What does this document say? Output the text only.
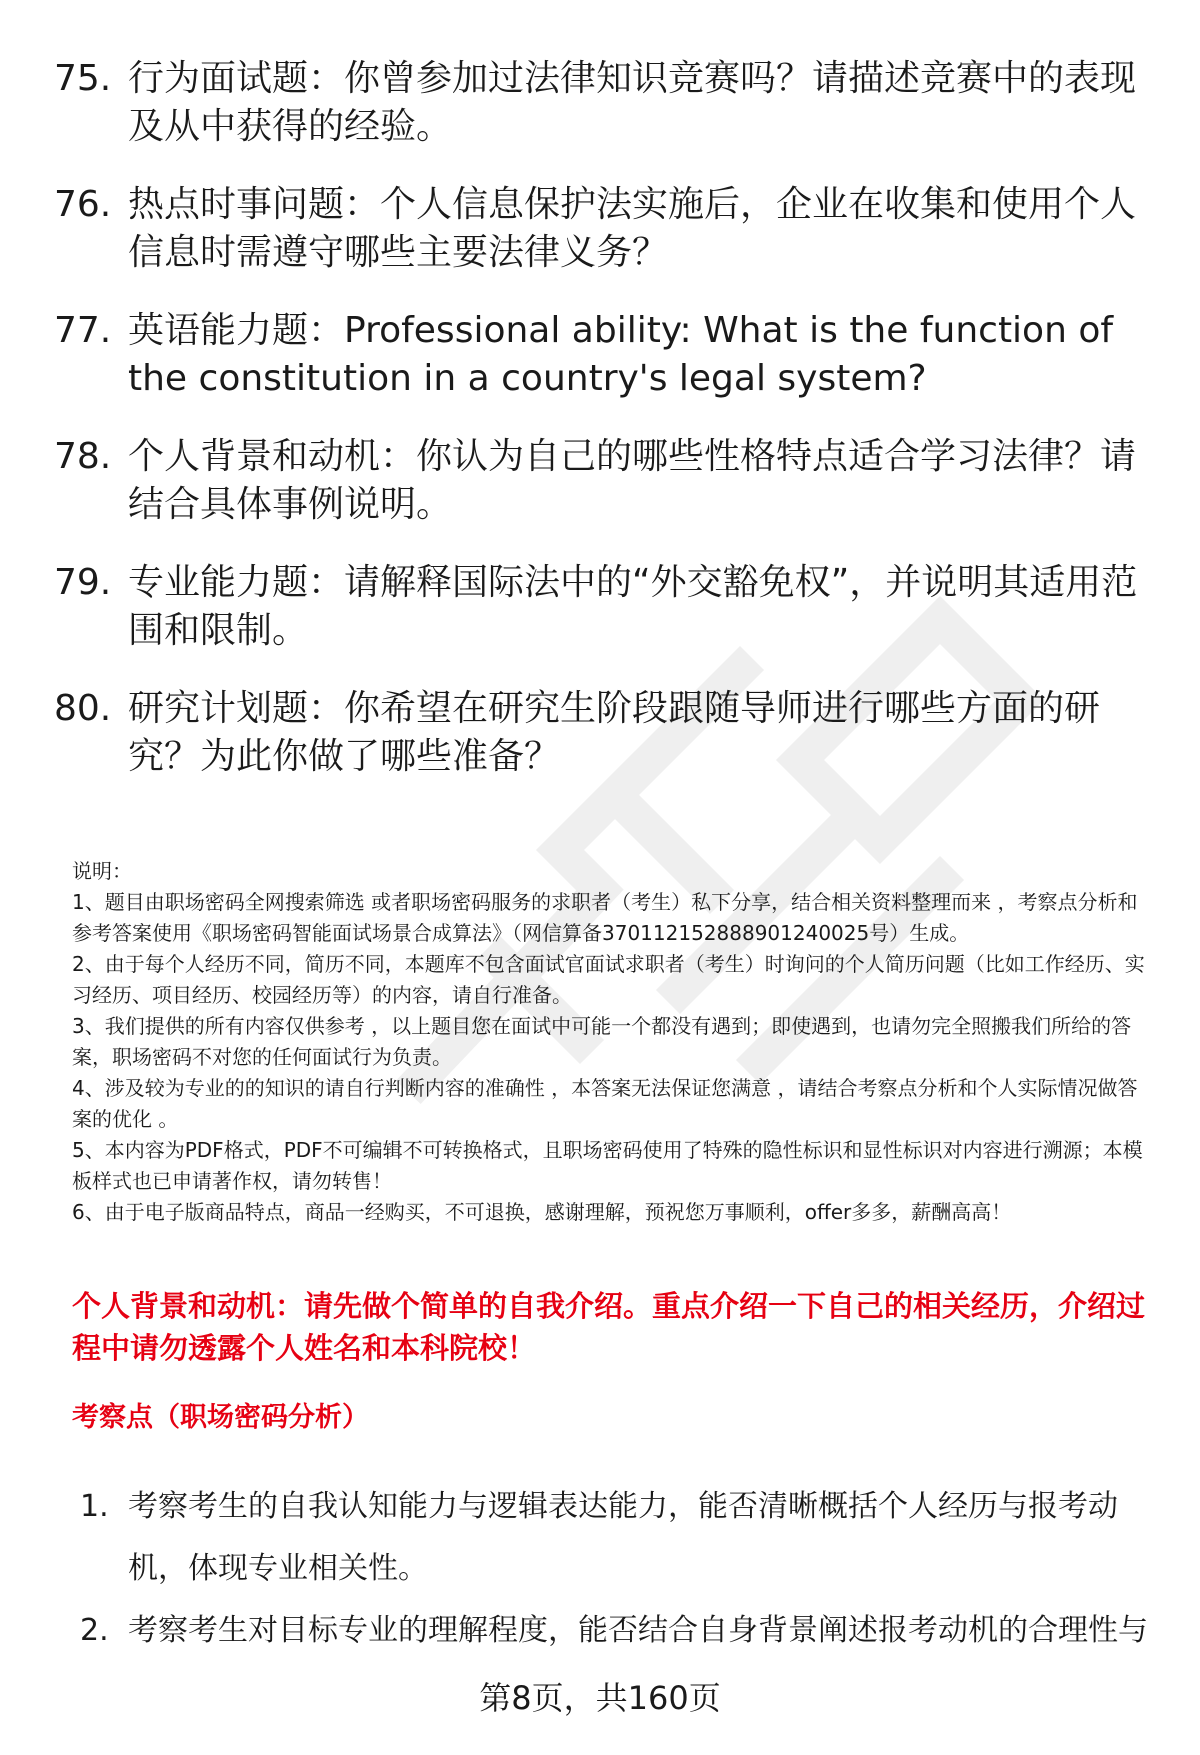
75. 行为面试题：你曾参加过法律知识竞赛吗？请描述竞赛中的表现及从中获得的经验。
76. 热点时事问题：个人信息保护法实施后，企业在收集和使用个人信息时需遵守哪些主要法律义务？
77. 英语能力题：Professional ability: What is the function of the constitution in a country's legal system?
78. 个人背景和动机：你认为自己的哪些性格特点适合学习法律？请结合具体事例说明。
79. 专业能力题：请解释国际法中的“外交豁免权”，并说明其适用范围和限制。
80. 研究计划题：你希望在研究生阶段跟随导师进行哪些方面的研究？为此你做了哪些准备？

说明：

1、题目由职场密码全网搜索筛选 或者职场密码服务的求职者（考生）私下分享，结合相关资料整理而来 ，考察点分析和参考答案使用《职场密码智能面试场景合成算法》（网信算备370112152888901240025号）生成。

2、由于每个人经历不同，简历不同，本题库不包含面试官面试求职者（考生）时询问的个人简历问题（比如工作经历、实习经历、项目经历、校园经历等）的内容，请自行准备。

3、我们提供的所有内容仅供参考 ，以上题目您在面试中可能一个都没有遇到；即使遇到，也请勿完全照搬我们所给的答案，职场密码不对您的任何面试行为负责。

4、涉及较为专业的的知识的请自行判断内容的准确性 ，本答案无法保证您满意 ，请结合考察点分析和个人实际情况做答案的优化 。

5、本内容为PDF格式，PDF不可编辑不可转换格式，且职场密码使用了特殊的隐性标识和显性标识对内容进行溯源；本模板样式也已申请著作权，请勿转售！

6、由于电子版商品特点，商品一经购买，不可退换，感谢理解，预祝您万事顺利，offer多多，薪酬高高！

个人背景和动机：请先做个简单的自我介绍。重点介绍一下自己的相关经历，介绍过程中请勿透露个人姓名和本科院校！
考察点（职场密码分析）
1. 考察考生的自我认知能力与逻辑表达能力，能否清晰概括个人经历与报考动机，体现专业相关性。
2. 考察考生对目标专业的理解程度，能否结合自身背景阐述报考动机的合理性与
第8页，共160页
